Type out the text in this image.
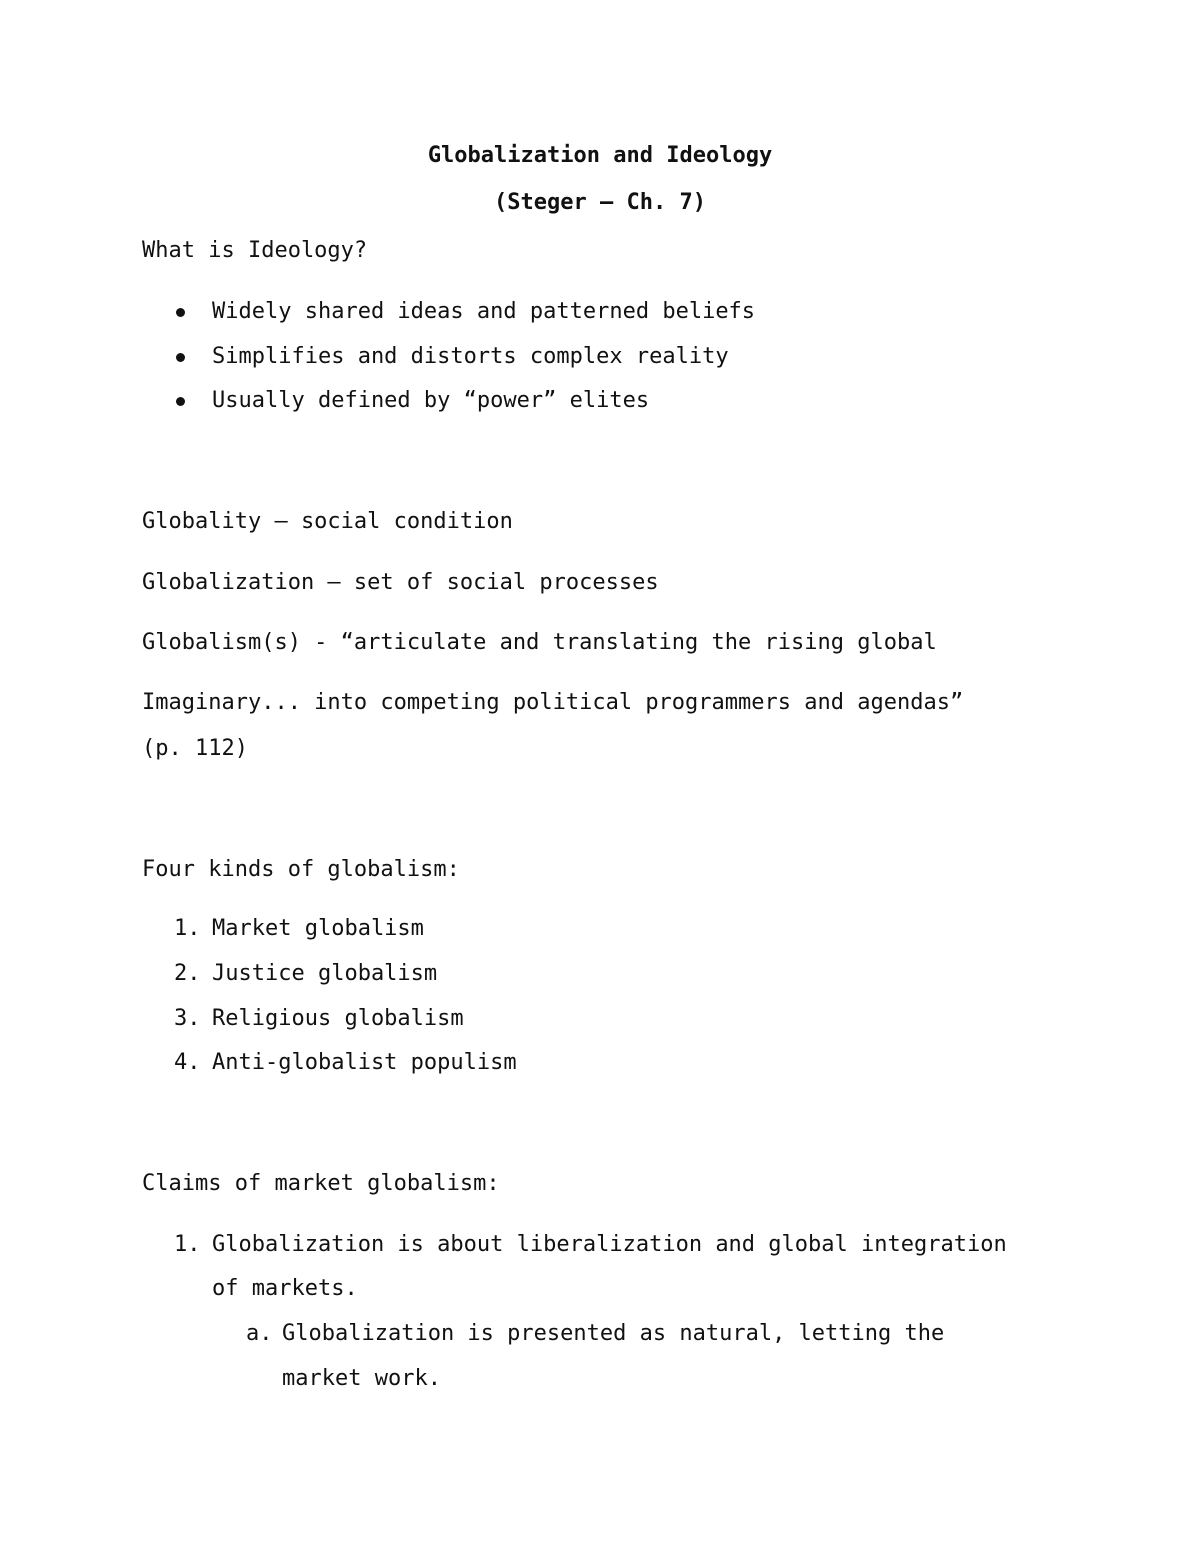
Globalization and Ideology

(Steger – Ch. 7)

What is Ideology?

Widely shared ideas and patterned beliefs

Simplifies and distorts complex reality

Usually defined by “power” elites

Globality – social condition

Globalization – set of social processes

Globalism(s) - “articulate and translating the rising global

Imaginary... into competing political programmers and agendas”

(p. 112)

Four kinds of globalism:

1. Market globalism

2. Justice globalism

3. Religious globalism

4. Anti-globalist populism

Claims of market globalism:

1. Globalization is about liberalization and global integration

of markets.

a. Globalization is presented as natural, letting the

market work.
